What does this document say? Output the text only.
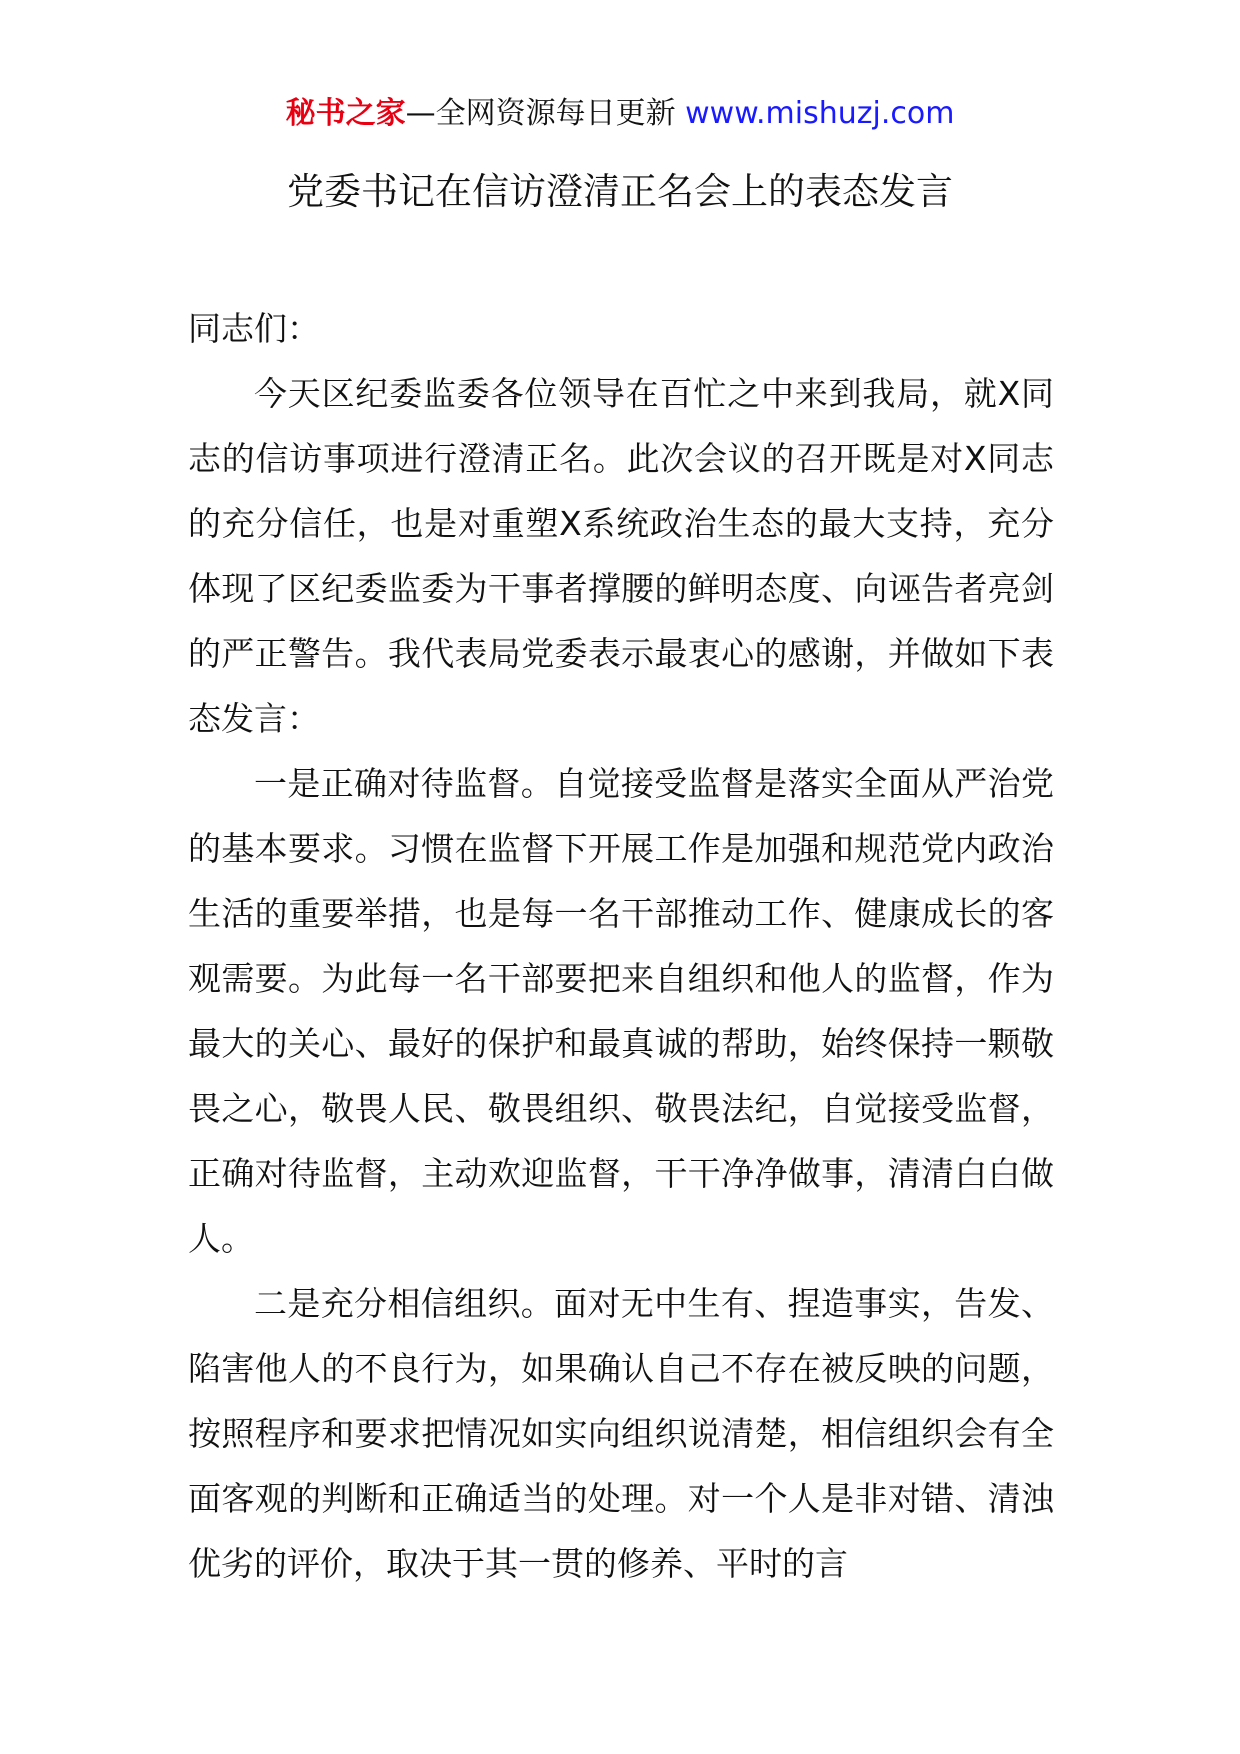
秘书之家—全网资源每日更新 www.mishuzj.com
党委书记在信访澄清正名会上的表态发言

同志们：

今天区纪委监委各位领导在百忙之中来到我局，就X同志的信访事项进行澄清正名。此次会议的召开既是对X同志的充分信任，也是对重塑X系统政治生态的最大支持，充分体现了区纪委监委为干事者撑腰的鲜明态度、向诬告者亮剑的严正警告。我代表局党委表示最衷心的感谢，并做如下表态发言：

一是正确对待监督。自觉接受监督是落实全面从严治党的基本要求。习惯在监督下开展工作是加强和规范党内政治生活的重要举措，也是每一名干部推动工作、健康成长的客观需要。为此每一名干部要把来自组织和他人的监督，作为最大的关心、最好的保护和最真诚的帮助，始终保持一颗敬畏之心，敬畏人民、敬畏组织、敬畏法纪，自觉接受监督，正确对待监督，主动欢迎监督，干干净净做事，清清白白做人。

二是充分相信组织。面对无中生有、捏造事实，告发、陷害他人的不良行为，如果确认自己不存在被反映的问题，按照程序和要求把情况如实向组织说清楚，相信组织会有全面客观的判断和正确适当的处理。对一个人是非对错、清浊优劣的评价，取决于其一贯的修养、平时的言
